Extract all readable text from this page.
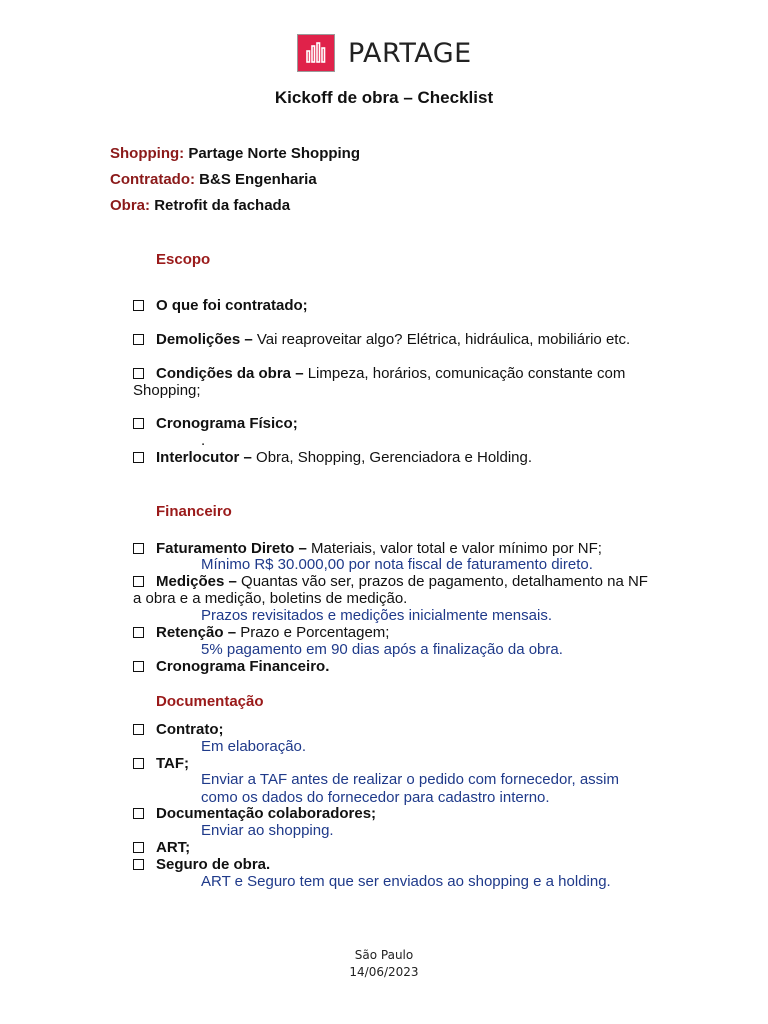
PARTAGE
Kickoff de obra – Checklist
Shopping: Partage Norte Shopping
Contratado: B&S Engenharia
Obra: Retrofit da fachada
Escopo
O que foi contratado;
Demolições – Vai reaproveitar algo? Elétrica, hidráulica, mobiliário etc.
Condições da obra – Limpeza, horários, comunicação constante com Shopping;
Cronograma Físico;
.
Interlocutor – Obra, Shopping, Gerenciadora e Holding.
Financeiro
Faturamento Direto – Materiais, valor total e valor mínimo por NF;
Mínimo R$ 30.000,00 por nota fiscal de faturamento direto.
Medições – Quantas vão ser, prazos de pagamento, detalhamento na NF a obra e a medição, boletins de medição.
Prazos revisitados e medições inicialmente mensais.
Retenção – Prazo e Porcentagem;
5% pagamento em 90 dias após a finalização da obra.
Cronograma Financeiro.
Documentação
Contrato;
Em elaboração.
TAF;
Enviar a TAF antes de realizar o pedido com fornecedor, assim como os dados do fornecedor para cadastro interno.
Documentação colaboradores;
Enviar ao shopping.
ART;
Seguro de obra.
ART e Seguro tem que ser enviados ao shopping e a holding.
São Paulo
14/06/2023
